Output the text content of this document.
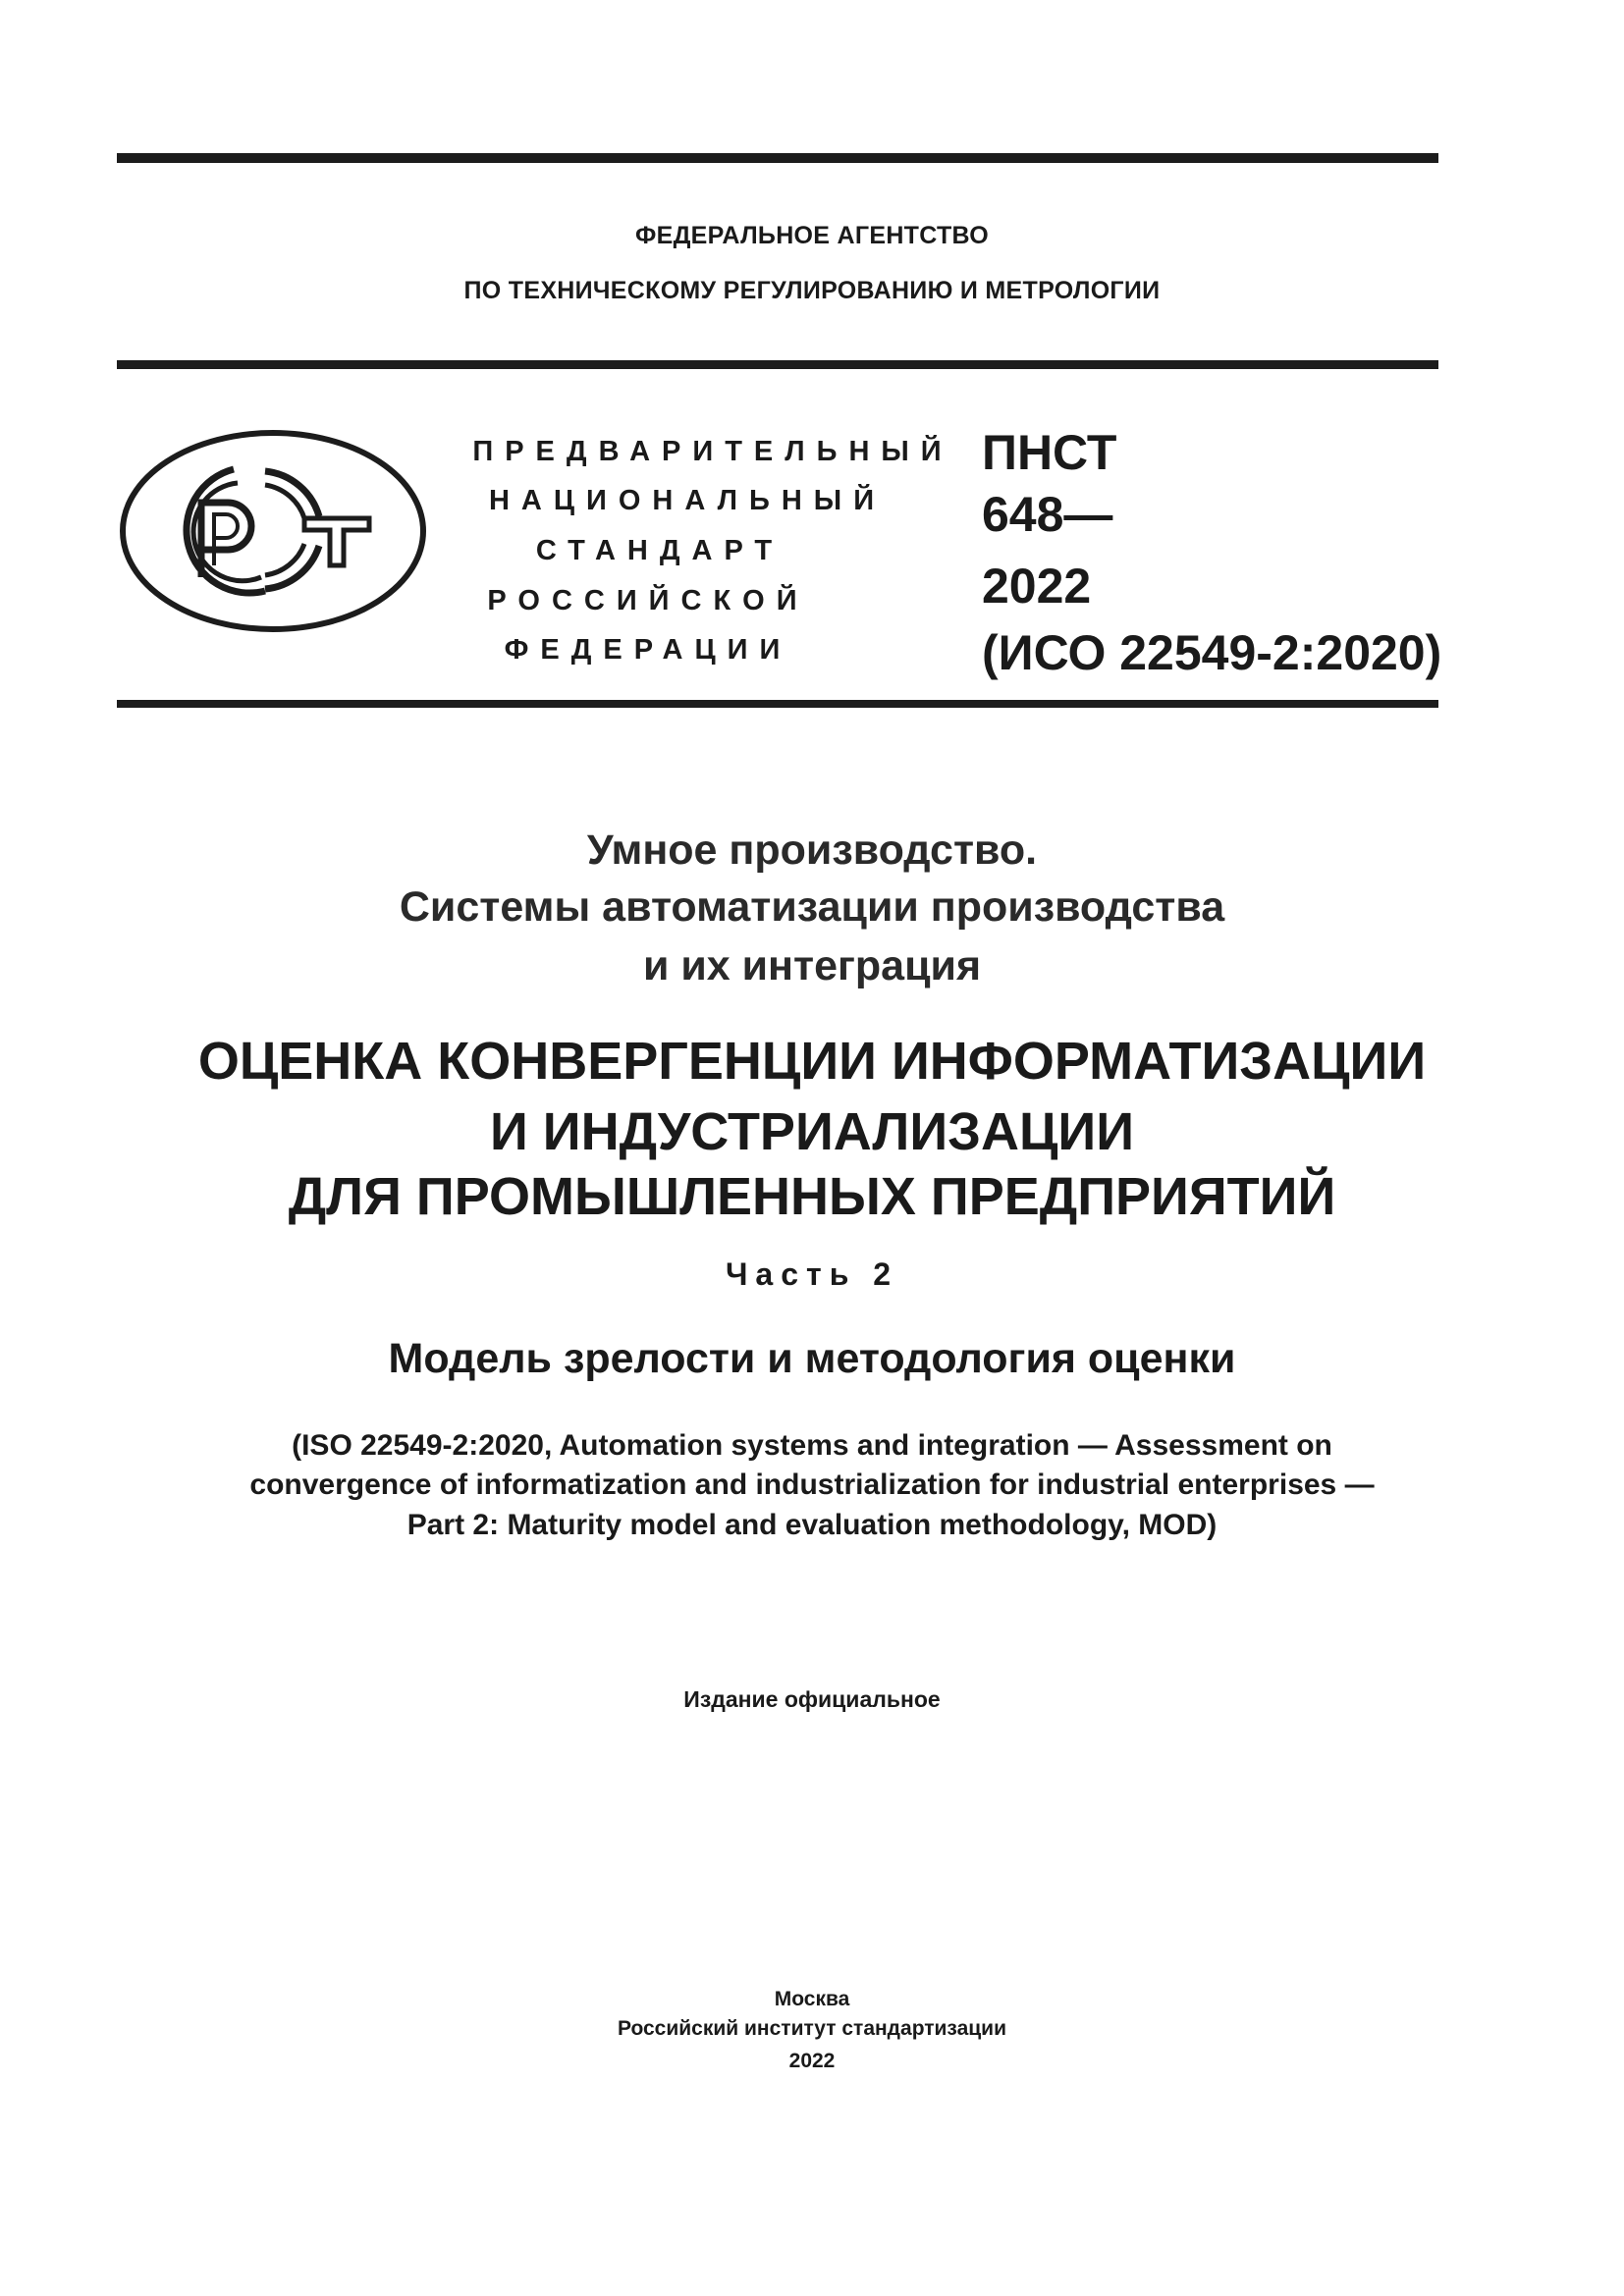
ФЕДЕРАЛЬНОЕ АГЕНТСТВО
ПО ТЕХНИЧЕСКОМУ РЕГУЛИРОВАНИЮ И МЕТРОЛОГИИ
ПРЕДВАРИТЕЛЬНЫЙ
НАЦИОНАЛЬНЫЙ
СТАНДАРТ
РОССИЙСКОЙ
ФЕДЕРАЦИИ
ПНСТ
648—
2022
(ИСО 22549-2:2020)
Умное производство.
Системы автоматизации производства
и их интеграция
ОЦЕНКА КОНВЕРГЕНЦИИ ИНФОРМАТИЗАЦИИ
И ИНДУСТРИАЛИЗАЦИИ
ДЛЯ ПРОМЫШЛЕННЫХ ПРЕДПРИЯТИЙ
Часть 2
Модель зрелости и методология оценки
(ISO 22549-2:2020, Automation systems and integration — Assessment on
convergence of informatization and industrialization for industrial enterprises —
Part 2: Maturity model and evaluation methodology, MOD)
Издание официальное
Москва
Российский институт стандартизации
2022
